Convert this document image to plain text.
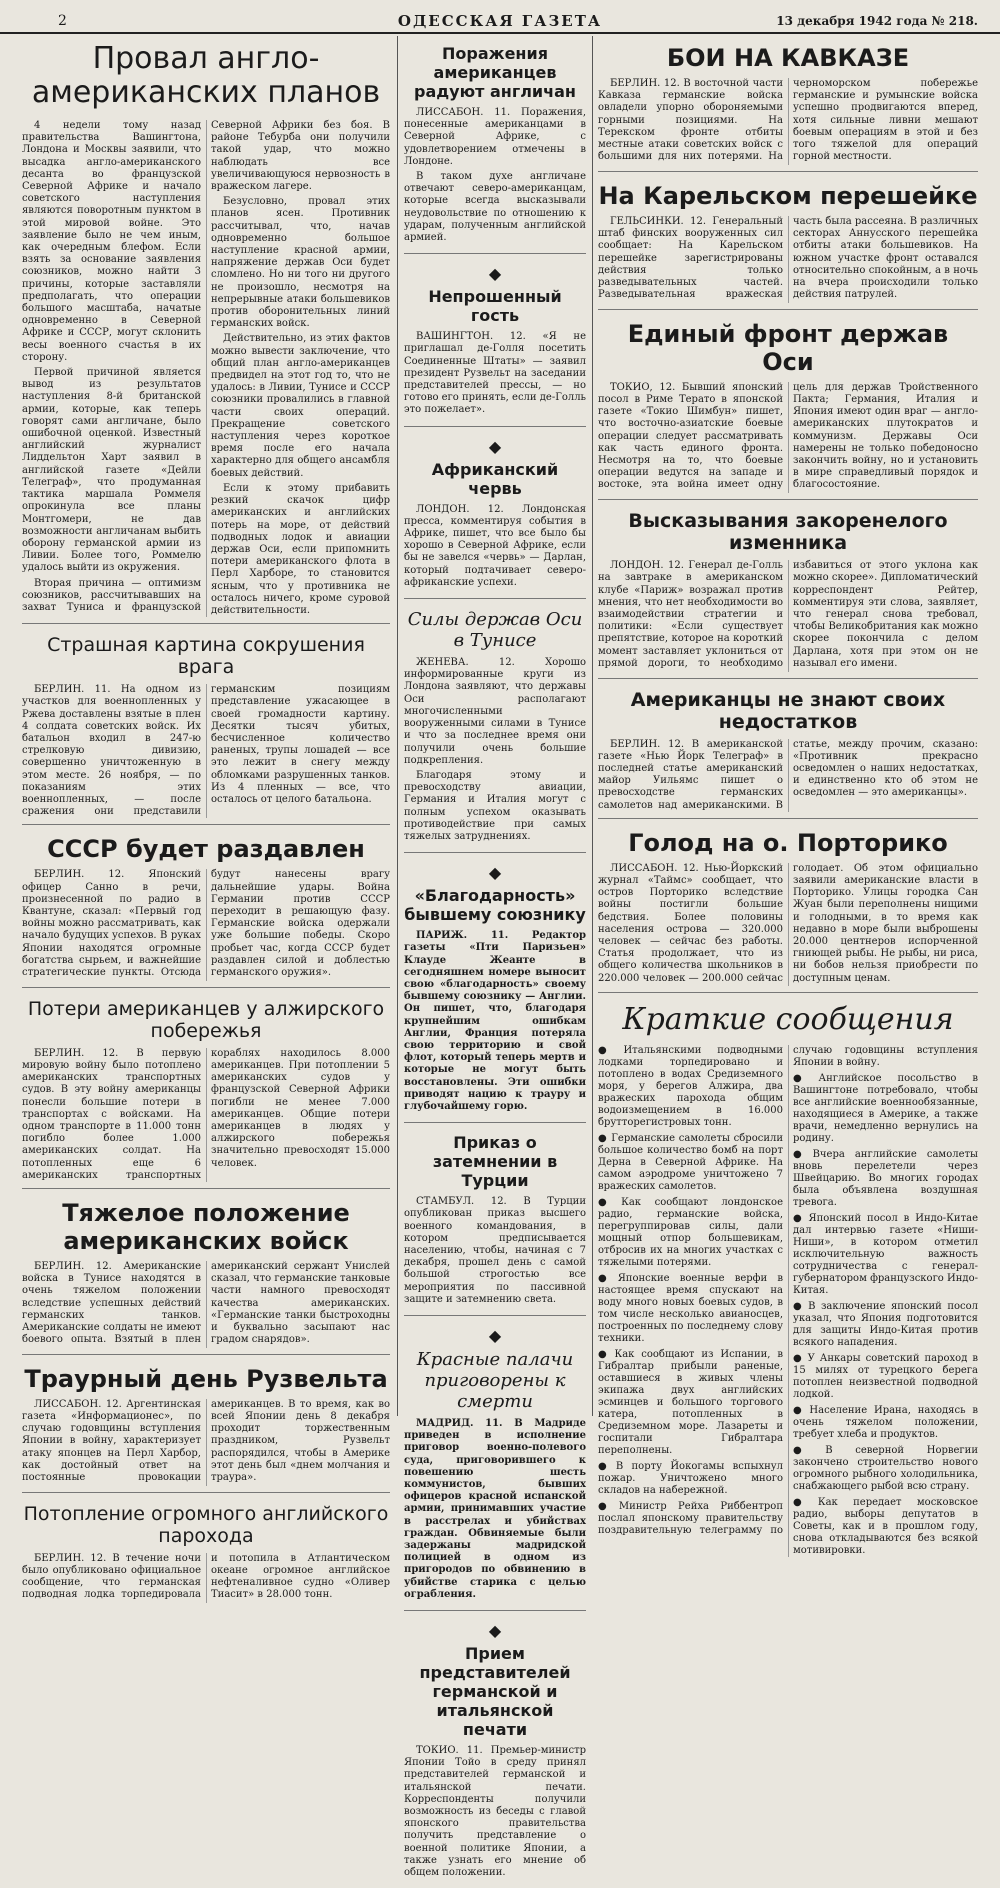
2	ОДЕССКАЯ ГАЗЕТА	13 декабря 1942 года № 218.
Провал англо-американских планов

4 недели тому назад правительства Вашингтона, Лондона и Москвы заявили, что высадка англо-американского десанта во французской Северной Африке и начало советского наступления являются поворотным пунктом в этой мировой войне. Это заявление было не чем иным, как очередным блефом. Если взять за основание заявления союзников, можно найти 3 причины, которые заставляли предполагать, что операции большого масштаба, начатые одновременно в Северной Африке и СССР, могут склонить весы военного счастья в их сторону.

Первой причиной является вывод из результатов наступления 8-й британской армии, которые, как теперь говорят сами англичане, было ошибочной оценкой. Известный английский журналист Лиддельтон Харт заявил в английской газете «Дейли Телеграф», что продуманная тактика маршала Роммеля опрокинула все планы Монтгомери, не дав возможности англичанам выбить оборону германской армии из Ливии. Более того, Роммелю удалось выйти из окружения.

Вторая причина — оптимизм союзников, рассчитывавших на захват Туниса и французской Северной Африки без боя. В районе Тебурба они получили такой удар, что можно наблюдать все увеличивающуюся нервозность в вражеском лагере.

Безусловно, провал этих планов ясен. Противник рассчитывал, что, начав одновременно большое наступление красной армии, напряжение держав Оси будет сломлено. Но ни того ни другого не произошло, несмотря на непрерывные атаки большевиков против оборонительных линий германских войск.

Действительно, из этих фактов можно вывести заключение, что общий план англо-американцев предвидел на этот год то, что не удалось: в Ливии, Тунисе и СССР союзники провалились в главной части своих операций. Прекращение советского наступления через короткое время после его начала характерно для общего ансамбля боевых действий.

Если к этому прибавить резкий скачок цифр американских и английских потерь на море, от действий подводных лодок и авиации держав Оси, если припомнить потери американского флота в Перл Харборе, то становится ясным, что у противника не осталось ничего, кроме суровой действительности.

Страшная картина сокрушения врага

БЕРЛИН. 11. На одном из участков для военнопленных у Ржева доставлены взятые в плен 4 солдата советских войск. Их батальон входил в 247-ю стрелковую дивизию, совершенно уничтоженную в этом месте. 26 ноября, — по показаниям этих военнопленных, — после сражения они представили германским позициям представление ужасающее в своей громадности картину. Десятки тысяч убитых, бесчисленное количество раненых, трупы лошадей — все это лежит в снегу между обломками разрушенных танков. Из 4 пленных — все, что осталось от целого батальона.

СССР будет раздавлен

БЕРЛИН. 12. Японский офицер Санно в речи, произнесенной по радио в Квантуне, сказал: «Первый год войны можно рассматривать, как начало будущих успехов. В руках Японии находятся огромные богатства сырьем, и важнейшие стратегические пункты. Отсюда будут нанесены врагу дальнейшие удары. Война Германии против СССР переходит в решающую фазу. Германские войска одержали уже большие победы. Скоро пробьет час, когда СССР будет раздавлен силой и доблестью германского оружия».

Потери американцев у алжирского побережья

БЕРЛИН. 12. В первую мировую войну было потоплено американских транспортных судов. В эту войну американцы понесли большие потери в транспортах с войсками. На одном транспорте в 11.000 тонн погибло более 1.000 американских солдат. На потопленных еще 6 американских транспортных кораблях находилось 8.000 американцев. При потоплении 5 американских судов у французской Северной Африки погибли не менее 7.000 американцев. Общие потери американцев в людях у алжирского побережья значительно превосходят 15.000 человек.

Тяжелое положение американских войск

БЕРЛИН. 12. Американские войска в Тунисе находятся в очень тяжелом положении вследствие успешных действий германских танков. Американские солдаты не имеют боевого опыта. Взятый в плен американский сержант Унислей сказал, что германские танковые части намного превосходят качества американских. «Германские танки быстроходны и буквально засыпают нас градом снарядов».

Траурный день Рузвельта

ЛИССАБОН. 12. Аргентинская газета «Информационес», по случаю годовщины вступления Японии в войну, характеризует атаку японцев на Перл Харбор, как достойный ответ на постоянные провокации американцев. В то время, как во всей Японии день 8 декабря проходит торжественным праздником, Рузвельт распорядился, чтобы в Америке этот день был «днем молчания и траура».

Потопление огромного английского парохода

БЕРЛИН. 12. В течение ночи было опубликовано официальное сообщение, что германская подводная лодка торпедировала и потопила в Атлантическом океане огромное английское нефтеналивное судно «Оливер Тиасит» в 28.000 тонн.

Поражения американцев радуют англичан

ЛИССАБОН. 11. Поражения, понесенные американцами в Северной Африке, с удовлетворением отмечены в Лондоне.

В таком духе англичане отвечают северо-американцам, которые всегда высказывали неудовольствие по отношению к ударам, полученным английской армией.

◆
Непрошенный гость

ВАШИНГТОН. 12. «Я не приглашал де-Голля посетить Соединенные Штаты» — заявил президент Рузвельт на заседании представителей прессы, — но готово его принять, если де-Голль это пожелает».

◆
Африканский червь

ЛОНДОН. 12. Лондонская пресса, комментируя события в Африке, пишет, что все было бы хорошо в Северной Африке, если бы не завелся «червь» — Дарлан, который подтачивает северо-африканские успехи.

Силы держав Оси в Тунисе

ЖЕНЕВА. 12. Хорошо информированные круги из Лондона заявляют, что державы Оси располагают многочисленными вооруженными силами в Тунисе и что за последнее время они получили очень большие подкрепления.

Благодаря этому и превосходству авиации, Германия и Италия могут с полным успехом оказывать противодействие при самых тяжелых затруднениях.

◆
«Благодарность» бывшему союзнику

ПАРИЖ. 11. Редактор газеты «Пти Паризьен» Клауде Жеанте в сегодняшнем номере выносит свою «благодарность» своему бывшему союзнику — Англии. Он пишет, что, благодаря крупнейшим ошибкам Англии, Франция потеряла свою территорию и свой флот, который теперь мертв и которые не могут быть восстановлены. Эти ошибки приводят нацию к трауру и глубочайшему горю.

Приказ о затемнении в Турции

СТАМБУЛ. 12. В Турции опубликован приказ высшего военного командования, в котором предписывается населению, чтобы, начиная с 7 декабря, прошел день с самой большой строгостью все мероприятия по пассивной защите и затемнению света.

◆
Красные палачи приговорены к смерти

МАДРИД. 11. В Мадриде приведен в исполнение приговор военно-полевого суда, приговорившего к повешению шесть коммунистов, бывших офицеров красной испанской армии, принимавших участие в расстрелах и убийствах граждан. Обвиняемые были задержаны мадридской полицией в одном из пригородов по обвинению в убийстве старика с целью ограбления.

◆
Прием представителей германской и итальянской печати

ТОКИО. 11. Премьер-министр Японии Тойо в среду принял представителей германской и итальянской печати. Корреспонденты получили возможность из беседы с главой японского правительства получить представление о военной политике Японии, а также узнать его мнение об общем положении.

БОИ НА КАВКАЗЕ

БЕРЛИН. 12. В восточной части Кавказа германские войска овладели упорно обороняемыми горными позициями. На Терекском фронте отбиты местные атаки советских войск с большими для них потерями. На черноморском побережье германские и румынские войска успешно продвигаются вперед, хотя сильные ливни мешают боевым операциям в этой и без того тяжелой для операций горной местности.

На Карельском перешейке

ГЕЛЬСИНКИ. 12. Генеральный штаб финских вооруженных сил сообщает: На Карельском перешейке зарегистрированы действия только разведывательных частей. Разведывательная вражеская часть была рассеяна. В различных секторах Аннусского перешейка отбиты атаки большевиков. На южном участке фронт оставался относительно спокойным, а в ночь на вчера происходили только действия патрулей.

Единый фронт держав Оси

ТОКИО, 12. Бывший японский посол в Риме Терато в японской газете «Токио Шимбун» пишет, что восточно-азиатские боевые операции следует рассматривать как часть единого фронта. Несмотря на то, что боевые операции ведутся на западе и востоке, эта война имеет одну цель для держав Тройственного Пакта; Германия, Италия и Япония имеют один враг — англо-американских плутократов и коммунизм. Державы Оси намерены не только победоносно закончить войну, но и установить в мире справедливый порядок и благосостояние.

Высказывания закоренелого изменника

ЛОНДОН. 12. Генерал де-Голль на завтраке в американском клубе «Париж» возражал против мнения, что нет необходимости во взаимодействии стратегии и политики: «Если существует препятствие, которое на короткий момент заставляет уклониться от прямой дороги, то необходимо избавиться от этого уклона как можно скорее». Дипломатический корреспондент Рейтер, комментируя эти слова, заявляет, что генерал снова требовал, чтобы Великобритания как можно скорее покончила с делом Дарлана, хотя при этом он не называл его имени.

Американцы не знают своих недостатков

БЕРЛИН. 12. В американской газете «Нью Йорк Телеграф» в последней статье американский майор Уильямс пишет о превосходстве германских самолетов над американскими. В статье, между прочим, сказано: «Противник прекрасно осведомлен о наших недостатках, и единственно кто об этом не осведомлен — это американцы».

Голод на о. Порторико

ЛИССАБОН. 12. Нью-Йоркский журнал «Таймс» сообщает, что остров Порторико вследствие войны постигли большие бедствия. Более половины населения острова — 320.000 человек — сейчас без работы. Статья продолжает, что из общего количества школьников в 220.000 человек — 200.000 сейчас голодает. Об этом официально заявили американские власти в Порторико. Улицы городка Сан Жуан были переполнены нищими и голодными, в то время как недавно в море были выброшены 20.000 центнеров испорченной гниющей рыбы. Не рыбы, ни риса, ни бобов нельзя приобрести по доступным ценам.

Краткие сообщения

● Итальянскими подводными лодками торпедировано и потоплено в водах Средиземного моря, у берегов Алжира, два вражеских парохода общим водоизмещением в 16.000 брутторегистровых тонн.

● Германские самолеты сбросили большое количество бомб на порт Дерна в Северной Африке. На самом аэродроме уничтожено 7 вражеских самолетов.

● Как сообщают лондонское радио, германские войска, перегруппировав силы, дали мощный отпор большевикам, отбросив их на многих участках с тяжелыми потерями.

● Японские военные верфи в настоящее время спускают на воду много новых боевых судов, в том числе несколько авианосцев, построенных по последнему слову техники.

● Как сообщают из Испании, в Гибралтар прибыли раненые, оставшиеся в живых члены экипажа двух английских эсминцев и большого торгового катера, потопленных в Средиземном море. Лазареты и госпитали Гибралтара переполнены.

● В порту Йокогамы вспыхнул пожар. Уничтожено много складов на набережной.

● Министр Рейха Риббентроп послал японскому правительству поздравительную телеграмму по случаю годовщины вступления Японии в войну.

● Английское посольство в Вашингтоне потребовало, чтобы все английские военнообязанные, находящиеся в Америке, а также врачи, немедленно вернулись на родину.

● Вчера английские самолеты вновь перелетели через Швейцарию. Во многих городах была объявлена воздушная тревога.

● Японский посол в Индо-Китае дал интервью газете «Ниши-Ниши», в котором отметил исключительную важность сотрудничества с генерал-губернатором французского Индо-Китая.

● В заключение японский посол указал, что Япония подготовится для защиты Индо-Китая против всякого нападения.

● У Анкары советский пароход в 15 милях от турецкого берега потоплен неизвестной подводной лодкой.

● Население Ирана, находясь в очень тяжелом положении, требует хлеба и продуктов.

● В северной Норвегии закончено строительство нового огромного рыбного холодильника, снабжающего рыбой всю страну.

● Как передает московское радио, выборы депутатов в Советы, как и в прошлом году, снова откладываются без всякой мотивировки.
